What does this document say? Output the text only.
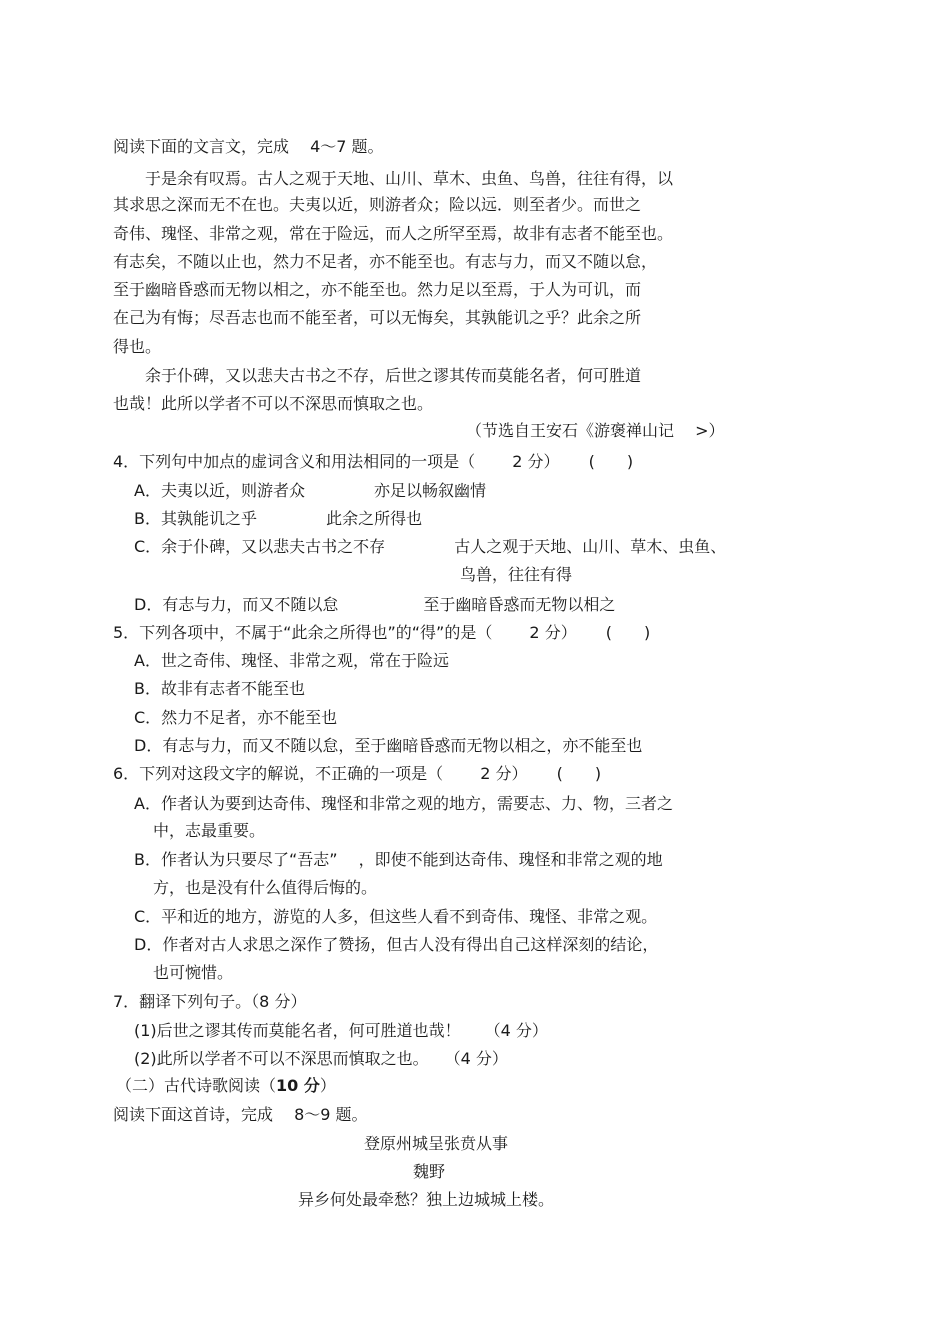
阅读下面的文言文，完成　 4～7 题。
　　于是余有叹焉。古人之观于天地、山川、草木、虫鱼、鸟兽，往往有得，以
其求思之深而无不在也。夫夷以近，则游者众；险以远．则至者少。而世之
奇伟、瑰怪、非常之观，常在于险远，而人之所罕至焉，故非有志者不能至也。
有志矣，不随以止也，然力不足者，亦不能至也。有志与力，而又不随以怠，
至于幽暗昏惑而无物以相之，亦不能至也。然力足以至焉，于人为可讥，而
在己为有悔；尽吾志也而不能至者，可以无悔矣，其孰能讥之乎？此余之所
得也。
　　余于仆碑，又以悲夫古书之不存，后世之谬其传而莫能名者，何可胜道
也哉！此所以学者不可以不深思而慎取之也。
（节选自王安石《游褒禅山记　 >）
4．下列句中加点的虚词含义和用法相同的一项是（　　 2 分）　　 (　　)
A．夫夷以近，则游者众　　　　 亦足以畅叙幽情
B．其孰能讥之乎　　　　 此余之所得也
C．余于仆碑，又以悲夫古书之不存　　　　 古人之观于天地、山川、草木、虫鱼、
鸟兽，往往有得
D．有志与力，而又不随以怠　　　　　 至于幽暗昏惑而无物以相之
5．下列各项中，不属于“此余之所得也”的“得”的是（　　 2 分）　　 (　　)
A．世之奇伟、瑰怪、非常之观，常在于险远
B．故非有志者不能至也
C．然力不足者，亦不能至也
D．有志与力，而又不随以怠，至于幽暗昏惑而无物以相之，亦不能至也
6．下列对这段文字的解说，不正确的一项是（　　 2 分）　　 (　　)
A．作者认为要到达奇伟、瑰怪和非常之观的地方，需要志、力、物，三者之
中，志最重要。
B．作者认为只要尽了“吾志”　 ，即使不能到达奇伟、瑰怪和非常之观的地
方，也是没有什么值得后悔的。
C．平和近的地方，游览的人多，但这些人看不到奇伟、瑰怪、非常之观。
D．作者对古人求思之深作了赞扬，但古人没有得出自己这样深刻的结论，
也可惋惜。
7．翻译下列句子。（8 分）
(1)后世之谬其传而莫能名者，何可胜道也哉！　　（4 分）
(2)此所以学者不可以不深思而慎取之也。　　（4 分）
（二）古代诗歌阅读（10 分）
阅读下面这首诗，完成　 8～9 题。
登原州城呈张贲从事
魏野
异乡何处最牵愁？独上边城城上楼。
